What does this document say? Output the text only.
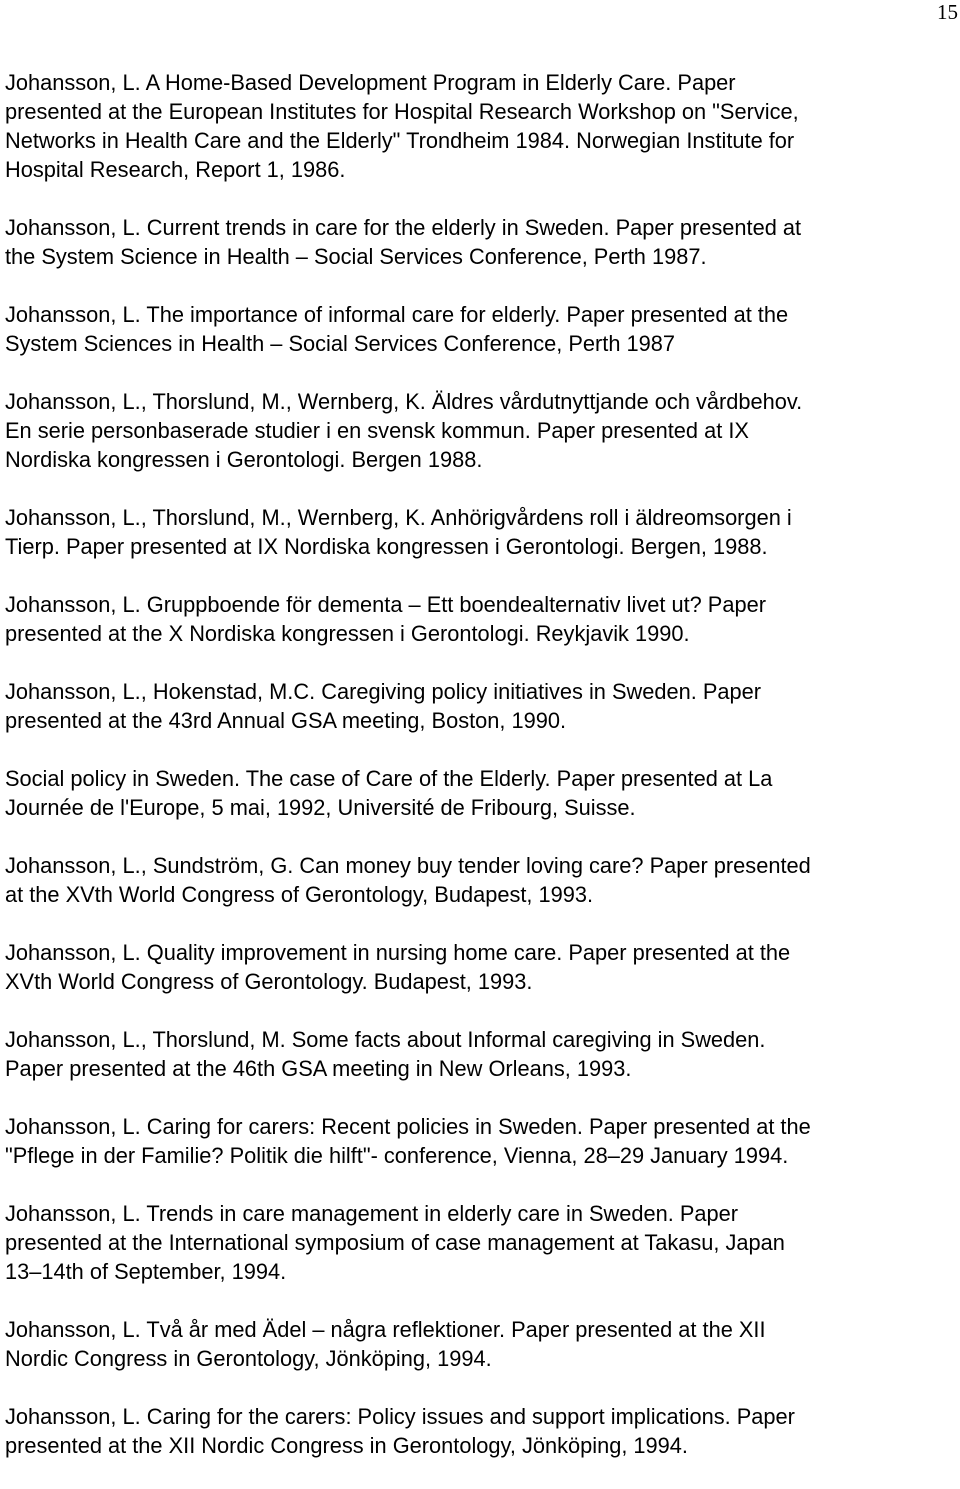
15

Johansson, L. A Home-Based Development Program in Elderly Care. Paper
presented at the European Institutes for Hospital Research Workshop on "Service,
Networks in Health Care and the Elderly" Trondheim 1984. Norwegian Institute for
Hospital Research, Report 1, 1986.

Johansson, L. Current trends in care for the elderly in Sweden. Paper presented at
the System Science in Health – Social Services Conference, Perth 1987.

Johansson, L. The importance of informal care for elderly. Paper presented at the
System Sciences in Health – Social Services Conference, Perth 1987

Johansson, L., Thorslund, M., Wernberg, K. Äldres vårdutnyttjande och vårdbehov.
En serie personbaserade studier i en svensk kommun. Paper presented at IX
Nordiska kongressen i Gerontologi. Bergen 1988.

Johansson, L., Thorslund, M., Wernberg, K. Anhörigvårdens roll i äldreomsorgen i
Tierp. Paper presented at IX Nordiska kongressen i Gerontologi. Bergen, 1988.

Johansson, L. Gruppboende för dementa – Ett boendealternativ livet ut? Paper
presented at the X Nordiska kongressen i Gerontologi. Reykjavik 1990.

Johansson, L., Hokenstad, M.C. Caregiving policy initiatives in Sweden. Paper
presented at the 43rd Annual GSA meeting, Boston, 1990.

Social policy in Sweden. The case of Care of the Elderly. Paper presented at La
Journée de l'Europe, 5 mai, 1992, Université de Fribourg, Suisse.

Johansson, L., Sundström, G. Can money buy tender loving care? Paper presented
at the XVth World Congress of Gerontology, Budapest, 1993.

Johansson, L. Quality improvement in nursing home care. Paper presented at the
XVth World Congress of Gerontology. Budapest, 1993.

Johansson, L., Thorslund, M. Some facts about Informal caregiving in Sweden.
Paper presented at the 46th GSA meeting in New Orleans, 1993.

Johansson, L. Caring for carers: Recent policies in Sweden. Paper presented at the
"Pflege in der Familie? Politik die hilft"- conference, Vienna, 28–29 January 1994.

Johansson, L. Trends in care management in elderly care in Sweden. Paper
presented at the International symposium of case management at Takasu, Japan
13–14th of September, 1994.

Johansson, L. Två år med Ädel – några reflektioner. Paper presented at the XII
Nordic Congress in Gerontology, Jönköping, 1994.

Johansson, L. Caring for the carers: Policy issues and support implications. Paper
presented at the XII Nordic Congress in Gerontology, Jönköping, 1994.
